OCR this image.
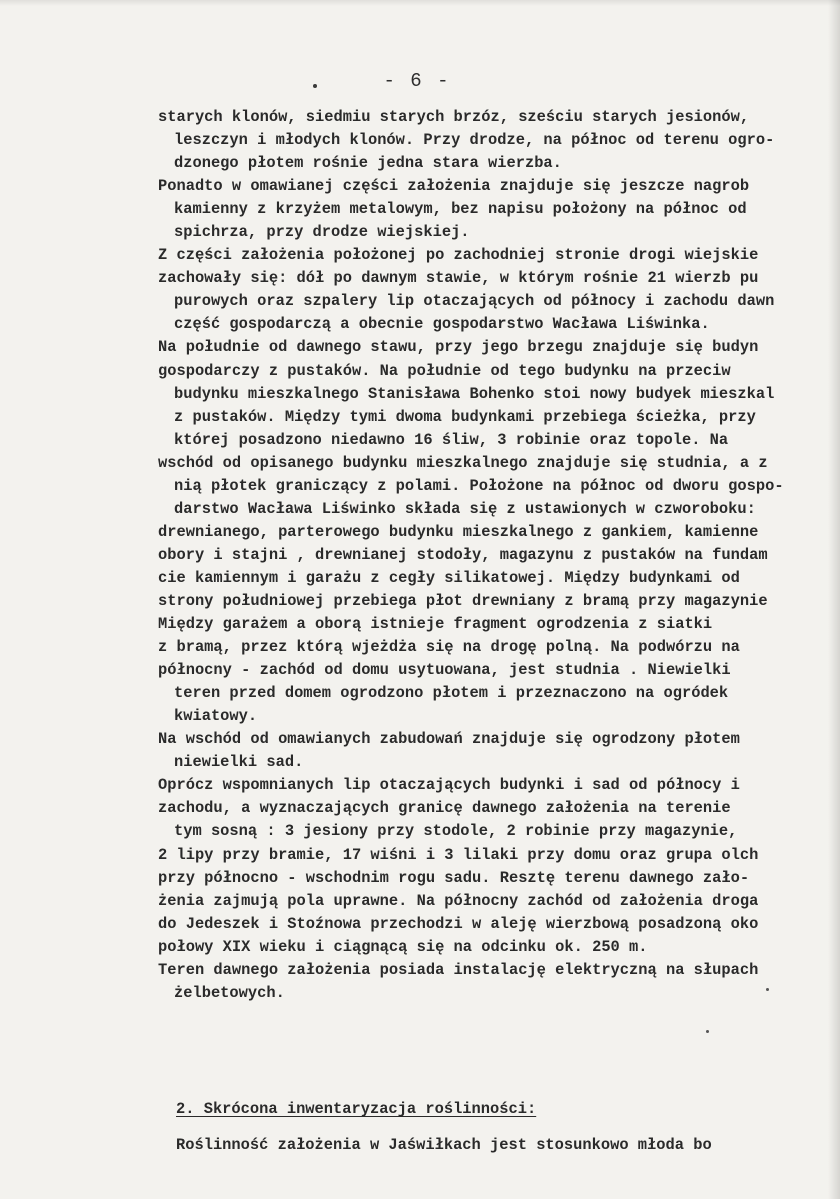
- 6 -
starych klonów, siedmiu starych brzóz, sześciu starych jesionów,
leszczyn i młodych klonów. Przy drodze, na północ od terenu ogro-
dzonego płotem rośnie jedna stara wierzba.
Ponadto w omawianej części założenia znajduje się jeszcze nagrob
kamienny z krzyżem metalowym, bez napisu położony na północ od
spichrza, przy drodze wiejskiej.
Z części założenia położonej po zachodniej stronie drogi wiejskie
zachowały się: dół po dawnym stawie, w którym rośnie 21 wierzb pu
purowych oraz szpalery lip otaczających od północy i zachodu dawn
część gospodarczą a obecnie gospodarstwo Wacława Liświnka.
Na południe od dawnego stawu, przy jego brzegu znajduje się budyn
gospodarczy z pustaków. Na południe od tego budynku na przeciw
budynku mieszkalnego Stanisława Bohenko stoi nowy budyek mieszkal
z pustaków. Między tymi dwoma budynkami przebiega ścieżka, przy
której posadzono niedawno 16 śliw, 3 robinie oraz topole. Na
wschód od opisanego budynku mieszkalnego znajduje się studnia, a z
nią płotek graniczący z polami. Położone na północ od dworu gospo-
darstwo Wacława Liświnko składa się z ustawionych w czworoboku:
drewnianego, parterowego budynku mieszkalnego z gankiem, kamienne
obory i stajni , drewnianej stodoły, magazynu z pustaków na fundam
cie kamiennym i garażu z cegły silikatowej. Między budynkami od
strony południowej przebiega płot drewniany z bramą przy magazynie
Między garażem a oborą istnieje fragment ogrodzenia z siatki
z bramą, przez którą wjeżdża się na drogę polną. Na podwórzu na
północny - zachód od domu usytuowana, jest studnia . Niewielki
teren przed domem ogrodzono płotem i przeznaczono na ogródek
kwiatowy.
Na wschód od omawianych zabudowań znajduje się ogrodzony płotem
niewielki sad.
Oprócz wspomnianych lip otaczających budynki i sad od północy i
zachodu, a wyznaczających granicę dawnego założenia na terenie
tym sosną : 3 jesiony przy stodole, 2 robinie przy magazynie,
2 lipy przy bramie, 17 wiśni i 3 lilaki przy domu oraz grupa olch
przy północno - wschodnim rogu sadu. Resztę terenu dawnego zało-
żenia zajmują pola uprawne. Na północny zachód od założenia droga
do Jedeszek i Stoźnowa przechodzi w aleję wierzbową posadzoną oko
połowy XIX wieku i ciągnącą się na odcinku ok. 250 m.
Teren dawnego założenia posiada instalację elektryczną na słupach
żelbetowych.
2. Skrócona inwentaryzacja roślinności:
Roślinność założenia w Jaświłkach jest stosunkowo młoda bo
